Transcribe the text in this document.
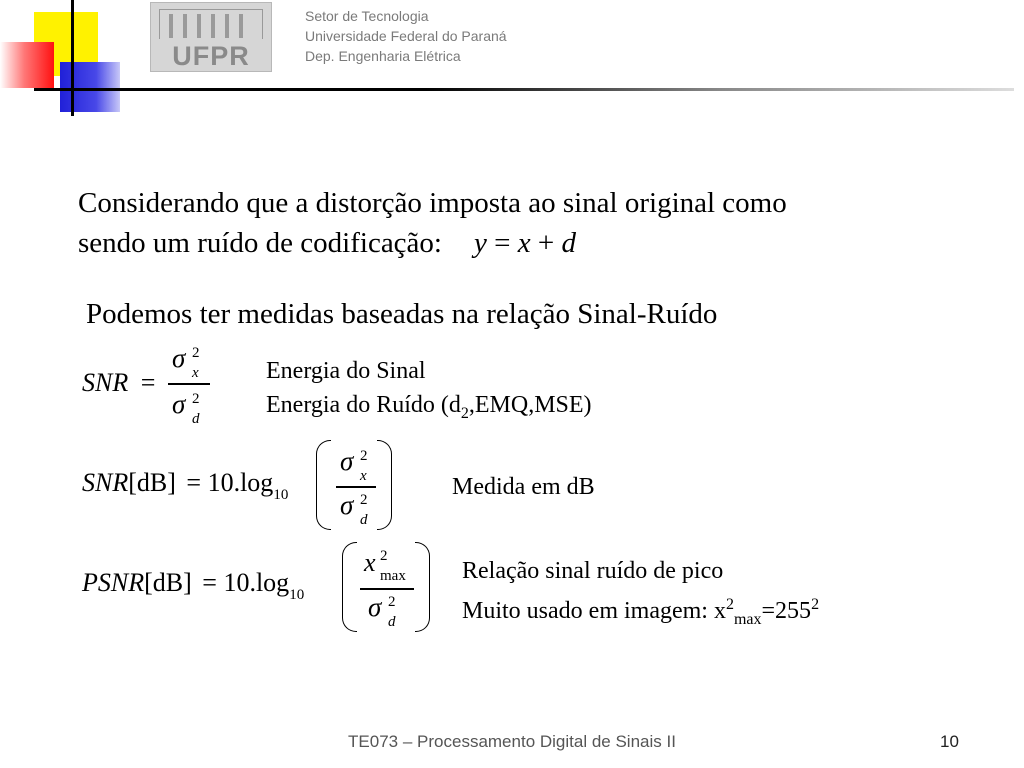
UFPR
Setor de Tecnologia
Universidade Federal do Paraná
Dep. Engenharia Elétrica
Considerando que a distorção imposta ao sinal original como
sendo um ruído de codificação: y = x + d
Podemos ter medidas baseadas na relação Sinal-Ruído
SNR =
σ 2
x
σ 2
d
Energia do Sinal
Energia do Ruído $(d_2,EMQ,MSE)$
$SNR[dB] = 10.\log_{10}$
σ 2
x
σ 2
d
Medida em dB
PSNR[dB] = $10.\log_{10}$
x 2
max
σ 2
d
Relação sinal ruído de pico
Muito usado em imagem: $x^2_{max}=255^2$
TE073 – Processamento Digital de Sinais II	10
